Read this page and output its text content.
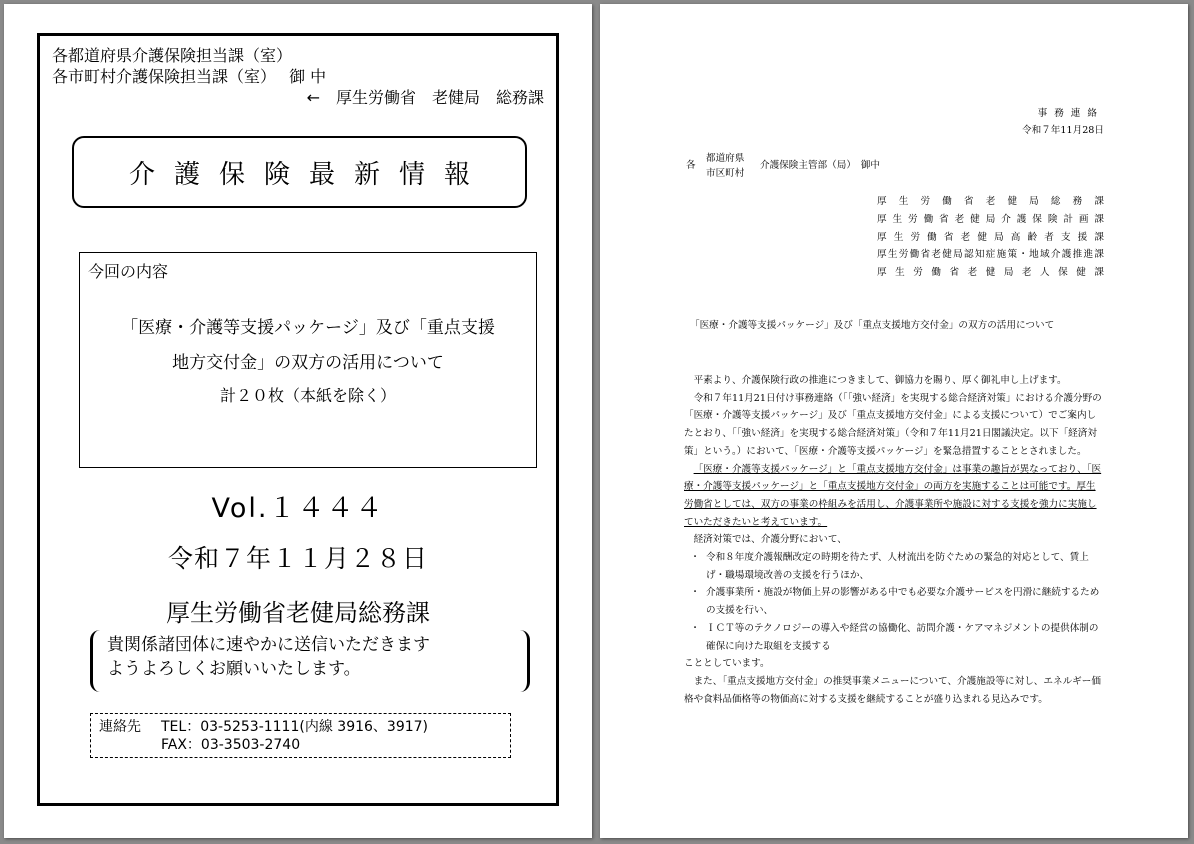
各都道府県介護保険担当課（室）
各市町村介護保険担当課（室）　 御 中
←　厚生労働省　老健局　総務課
介護保険最新情報
今回の内容
「医療・介護等支援パッケージ」及び「重点支援
地方交付金」の双方の活用について
計２０枚（本紙を除く）
Vol.１４４４
令和７年１１月２８日
厚生労働省老健局総務課
貴関係諸団体に速やかに送信いただきます
ようよろしくお願いいたします。
連絡先 TEL：03-5253-1111(内線 3916、3917)
FAX：03-3503-2740
事務連絡
令和７年11月28日
各
都道府県
市区町村
介護保険主管部（局）　御中
厚生労働省老健局総務課
厚生労働省老健局介護保険計画課
厚生労働省老健局高齢者支援課
厚生労働省老健局認知症施策・地域介護推進課
厚生労働省老健局老人保健課
「医療・介護等支援パッケージ」及び「重点支援地方交付金」の双方の活用について

平素より、介護保険行政の推進につきまして、御協力を賜り、厚く御礼申し上げます。

令和７年11月21日付け事務連絡（「「強い経済」を実現する総合経済対策」における介護分野の「医療・介護等支援パッケージ」及び「重点支援地方交付金」による支援について）でご案内したとおり、「「強い経済」を実現する総合経済対策」（令和７年11月21日閣議決定。以下「経済対策」という。）において、「医療・介護等支援パッケージ」を緊急措置することとされました。

「医療・介護等支援パッケージ」と「重点支援地方交付金」は事業の趣旨が異なっており、「医療・介護等支援パッケージ」と「重点支援地方交付金」の両方を実施することは可能です。厚生労働省としては、双方の事業の枠組みを活用し、介護事業所や施設に対する支援を強力に実施していただきたいと考えています。

経済対策では、介護分野において、

・ 令和８年度介護報酬改定の時期を待たず、人材流出を防ぐための緊急的対応として、賃上げ・職場環境改善の支援を行うほか、
・ 介護事業所・施設が物価上昇の影響がある中でも必要な介護サービスを円滑に継続するための支援を行い、
・ ＩＣＴ等のテクノロジーの導入や経営の協働化、訪問介護・ケアマネジメントの提供体制の確保に向けた取組を支援する

こととしています。

また、「重点支援地方交付金」の推奨事業メニューについて、介護施設等に対し、エネルギー価格や食料品価格等の物価高に対する支援を継続することが盛り込まれる見込みです。
